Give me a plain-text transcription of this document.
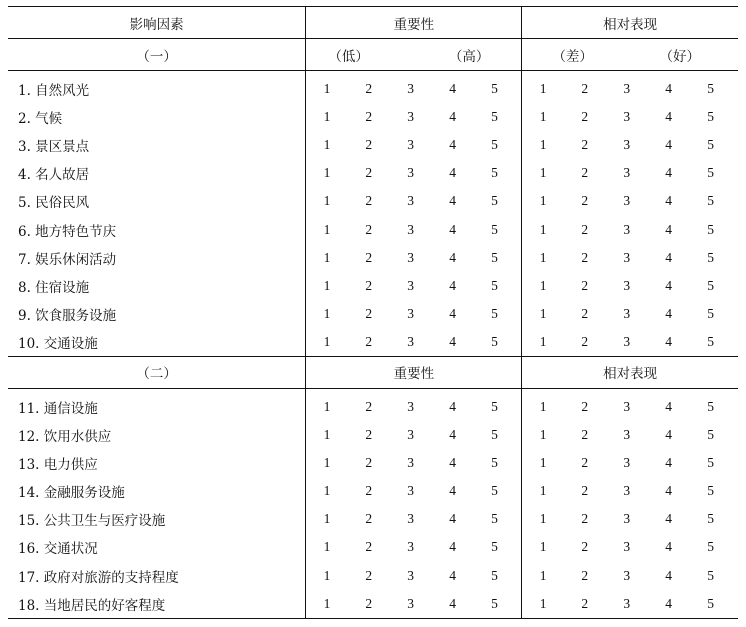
影响因素	重要性						相对表现					
（一）	（低） （高）						（差） （好）					

1. 自然风光	1	2	3	4	5		1	2	3	4	5	
2. 气候	1	2	3	4	5		1	2	3	4	5	
3. 景区景点	1	2	3	4	5		1	2	3	4	5	
4. 名人故居	1	2	3	4	5		1	2	3	4	5	
5. 民俗民风	1	2	3	4	5		1	2	3	4	5	
6. 地方特色节庆	1	2	3	4	5		1	2	3	4	5	
7. 娱乐休闲活动	1	2	3	4	5		1	2	3	4	5	
8. 住宿设施	1	2	3	4	5		1	2	3	4	5	
9. 饮食服务设施	1	2	3	4	5		1	2	3	4	5	
10. 交通设施	1	2	3	4	5		1	2	3	4	5	
（二）	重要性						相对表现					
11. 通信设施	1	2	3	4	5		1	2	3	4	5	
12. 饮用水供应	1	2	3	4	5		1	2	3	4	5	
13. 电力供应	1	2	3	4	5		1	2	3	4	5	
14. 金融服务设施	1	2	3	4	5		1	2	3	4	5	
15. 公共卫生与医疗设施	1	2	3	4	5		1	2	3	4	5	
16. 交通状况	1	2	3	4	5		1	2	3	4	5	
17. 政府对旅游的支持程度	1	2	3	4	5		1	2	3	4	5	
18. 当地居民的好客程度	1	2	3	4	5		1	2	3	4	5	
